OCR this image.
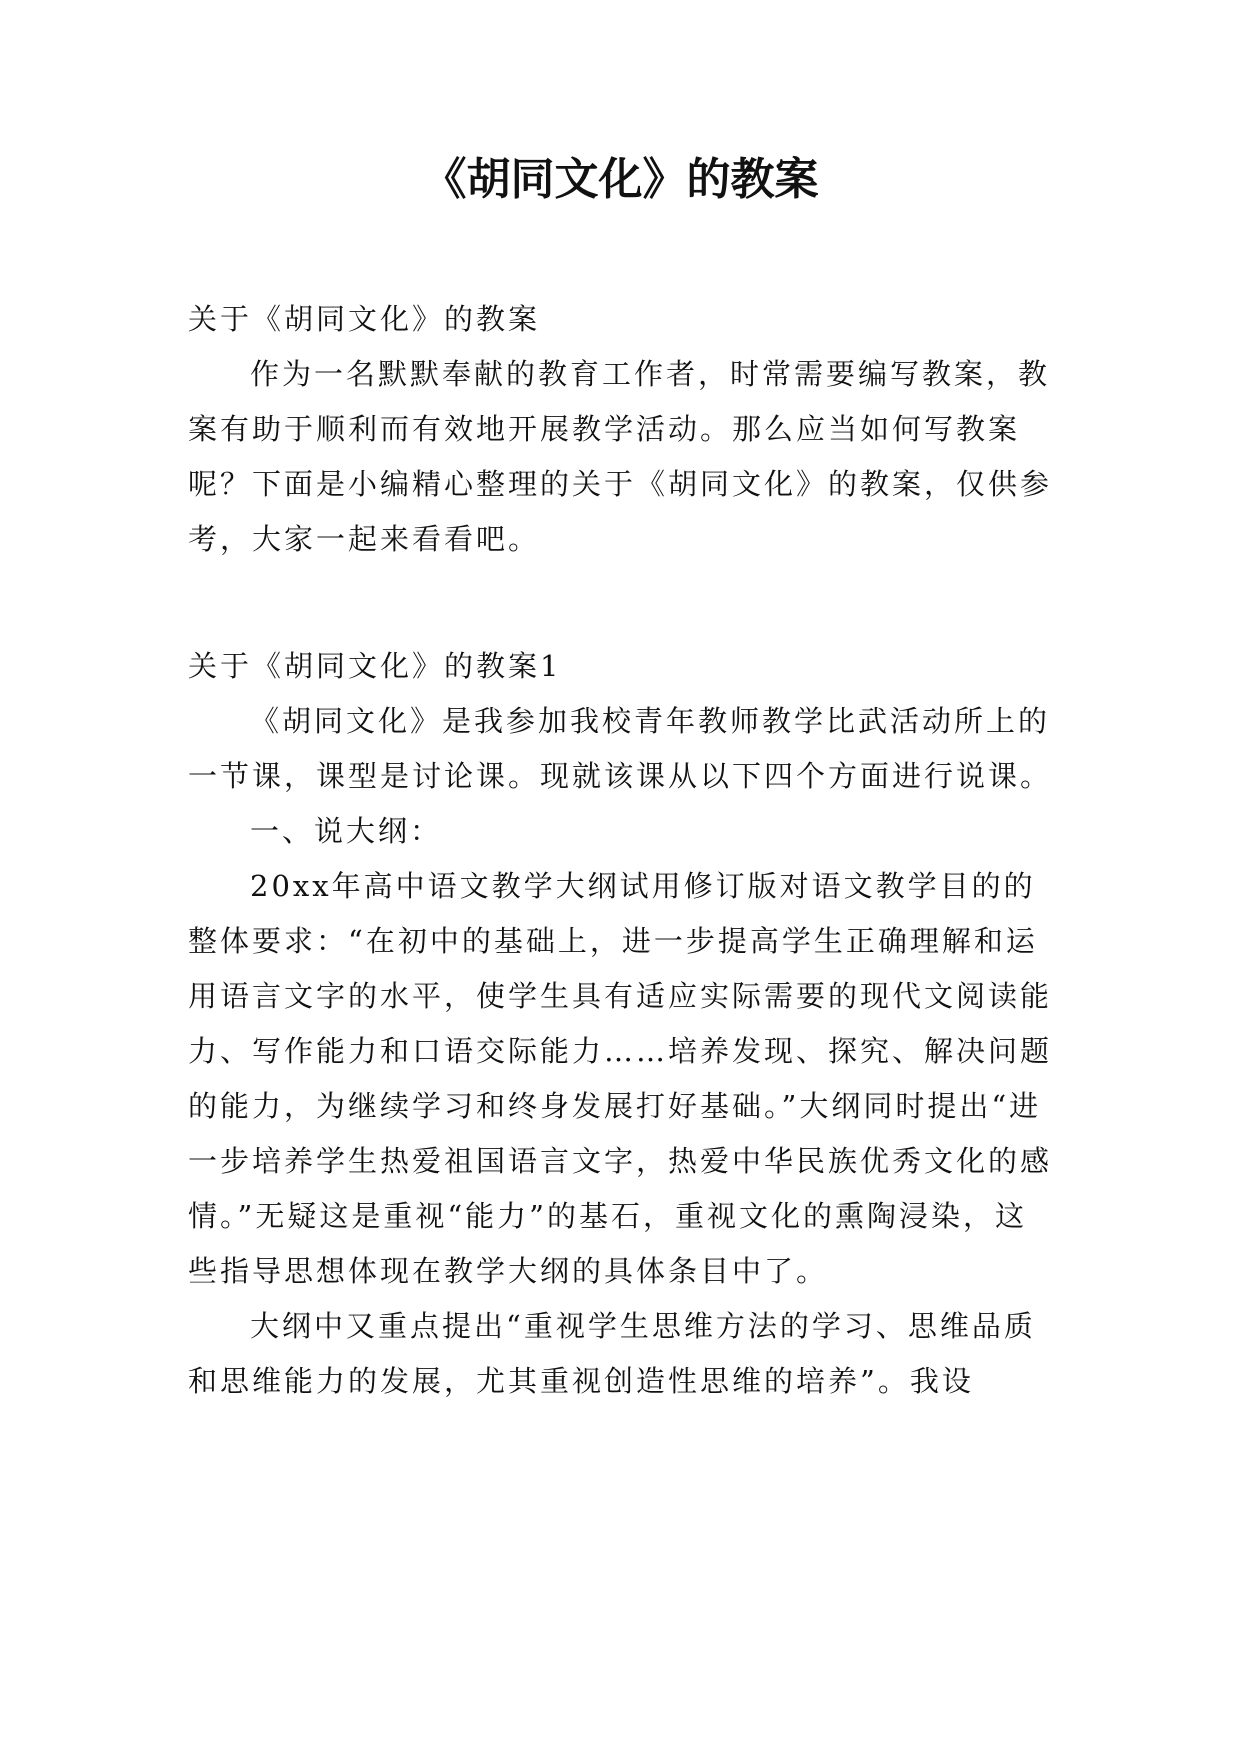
《胡同文化》的教案

关于《胡同文化》的教案

作为一名默默奉献的教育工作者，时常需要编写教案，教案有助于顺利而有效地开展教学活动。那么应当如何写教案呢？下面是小编精心整理的关于《胡同文化》的教案，仅供参考，大家一起来看看吧。

关于《胡同文化》的教案1

《胡同文化》是我参加我校青年教师教学比武活动所上的一节课，课型是讨论课。现就该课从以下四个方面进行说课。

一、说大纲：

20xx年高中语文教学大纲试用修订版对语文教学目的的整体要求：“在初中的基础上，进一步提高学生正确理解和运用语言文字的水平，使学生具有适应实际需要的现代文阅读能力、写作能力和口语交际能力……培养发现、探究、解决问题的能力，为继续学习和终身发展打好基础。”大纲同时提出“进一步培养学生热爱祖国语言文字，热爱中华民族优秀文化的感情。”无疑这是重视“能力”的基石，重视文化的熏陶浸染，这些指导思想体现在教学大纲的具体条目中了。

大纲中又重点提出“重视学生思维方法的学习、思维品质和思维能力的发展，尤其重视创造性思维的培养”。我设
